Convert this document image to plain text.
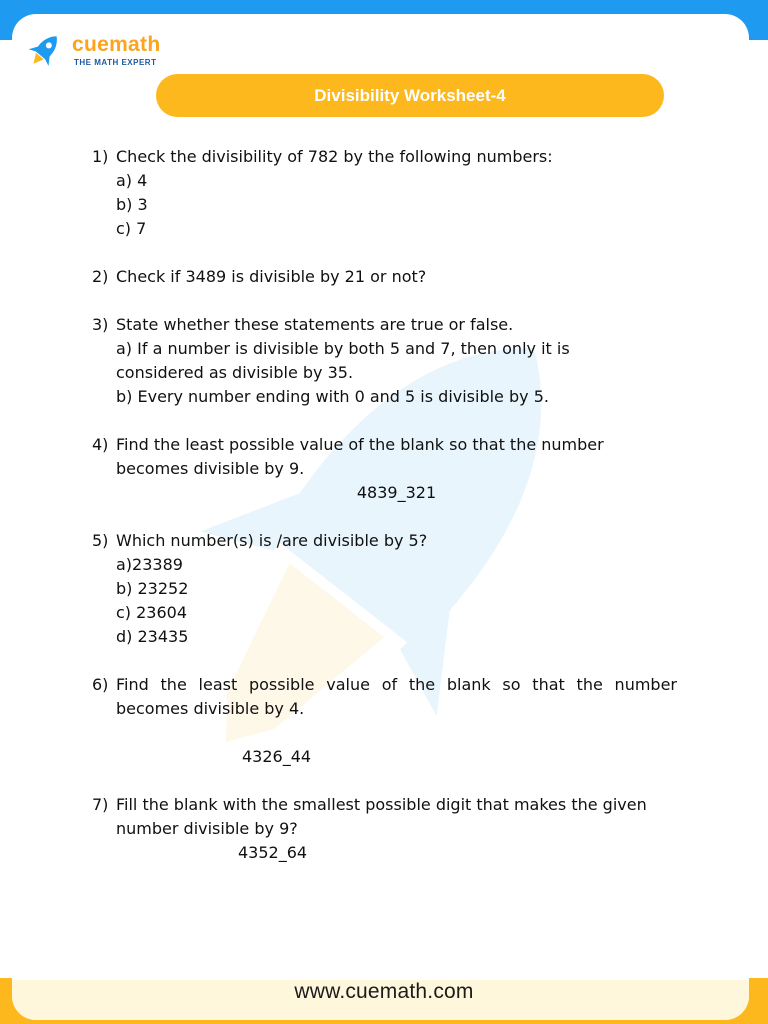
cuemath
THE MATH EXPERT
Divisibility Worksheet-4
1) Check the divisibility of 782 by the following numbers:
a) 4
b) 3
c) 7
2) Check if 3489 is divisible by 21 or not?
3) State whether these statements are true or false.
a) If a number is divisible by both 5 and 7, then only it is
considered as divisible by 35.
b) Every number ending with 0 and 5 is divisible by 5.
4) Find the least possible value of the blank so that the number
becomes divisible by 9.
4839_321
5) Which number(s) is /are divisible by 5?
a)23389
b) 23252
c) 23604
d) 23435
6) Find the least possible value of the blank so that the number
becomes divisible by 4.
4326_44
7) Fill the blank with the smallest possible digit that makes the given
number divisible by 9?
4352_64
www.cuemath.com
